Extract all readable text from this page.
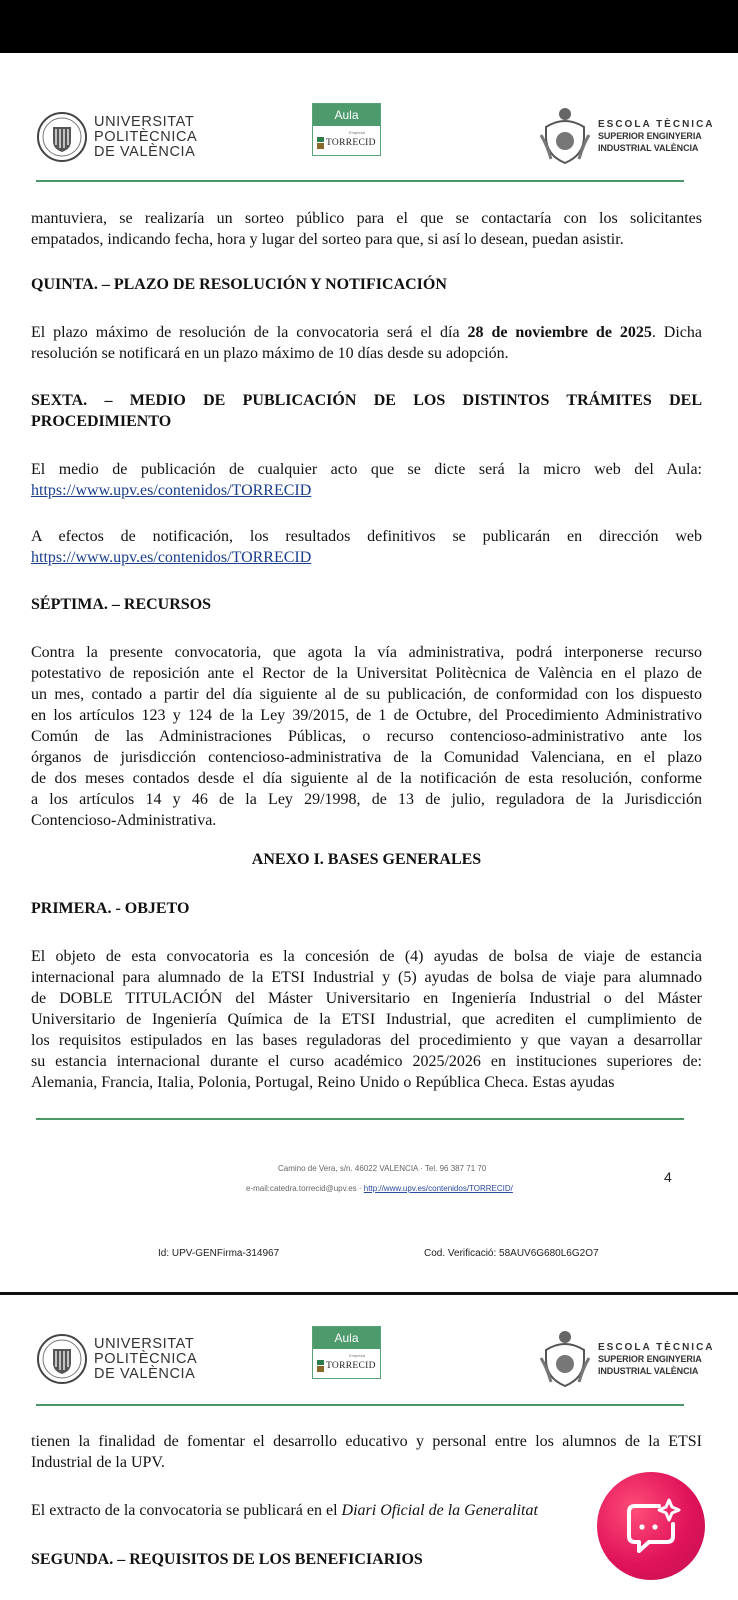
UNIVERSITAT
POLITÈCNICA
DE VALÈNCIA
Aula
Empresa
TORRECID
ESCOLA TÈCNICA
SUPERIOR ENGINYERIA
INDUSTRIAL VALÈNCIA
mantuviera, se realizaría un sorteo público para el que se contactaría con los solicitantes
empatados, indicando fecha, hora y lugar del sorteo para que, si así lo desean, puedan asistir.
QUINTA. – PLAZO DE RESOLUCIÓN Y NOTIFICACIÓN
El plazo máximo de resolución de la convocatoria será el día 28 de noviembre de 2025. Dicha
resolución se notificará en un plazo máximo de 10 días desde su adopción.
SEXTA. – MEDIO DE PUBLICACIÓN DE LOS DISTINTOS TRÁMITES DEL
PROCEDIMIENTO
El medio de publicación de cualquier acto que se dicte será la micro web del Aula:
https://www.upv.es/contenidos/TORRECID
A efectos de notificación, los resultados definitivos se publicarán en dirección web
https://www.upv.es/contenidos/TORRECID
SÉPTIMA. – RECURSOS
Contra la presente convocatoria, que agota la vía administrativa, podrá interponerse recurso
potestativo de reposición ante el Rector de la Universitat Politècnica de València en el plazo de
un mes, contado a partir del día siguiente al de su publicación, de conformidad con los dispuesto
en los artículos 123 y 124 de la Ley 39/2015, de 1 de Octubre, del Procedimiento Administrativo
Común de las Administraciones Públicas, o recurso contencioso-administrativo ante los
órganos de jurisdicción contencioso-administrativa de la Comunidad Valenciana, en el plazo
de dos meses contados desde el día siguiente al de la notificación de esta resolución, conforme
a los artículos 14 y 46 de la Ley 29/1998, de 13 de julio, reguladora de la Jurisdicción
Contencioso-Administrativa.
ANEXO I. BASES GENERALES
PRIMERA. - OBJETO
El objeto de esta convocatoria es la concesión de (4) ayudas de bolsa de viaje de estancia
internacional para alumnado de la ETSI Industrial y (5) ayudas de bolsa de viaje para alumnado
de DOBLE TITULACIÓN del Máster Universitario en Ingeniería Industrial o del Máster
Universitario de Ingeniería Química de la ETSI Industrial, que acrediten el cumplimiento de
los requisitos estipulados en las bases reguladoras del procedimiento y que vayan a desarrollar
su estancia internacional durante el curso académico 2025/2026 en instituciones superiores de:
Alemania, Francia, Italia, Polonia, Portugal, Reino Unido o República Checa. Estas ayudas
Camino de Vera, s/n. 46022 VALENCIA · Tel. 96 387 71 70
e-mail:catedra.torrecid@upv.es · http://www.upv.es/contenidos/TORRECID/
4
Id: UPV-GENFirma-314967	Cod. Verificació: 58AUV6G680L6G2O7
UNIVERSITAT
POLITÈCNICA
DE VALÈNCIA
Aula
Empresa
TORRECID
ESCOLA TÈCNICA
SUPERIOR ENGINYERIA
INDUSTRIAL VALÈNCIA
tienen la finalidad de fomentar el desarrollo educativo y personal entre los alumnos de la ETSI
Industrial de la UPV.
El extracto de la convocatoria se publicará en el Diari Oficial de la Generalitat
SEGUNDA. – REQUISITOS DE LOS BENEFICIARIOS
